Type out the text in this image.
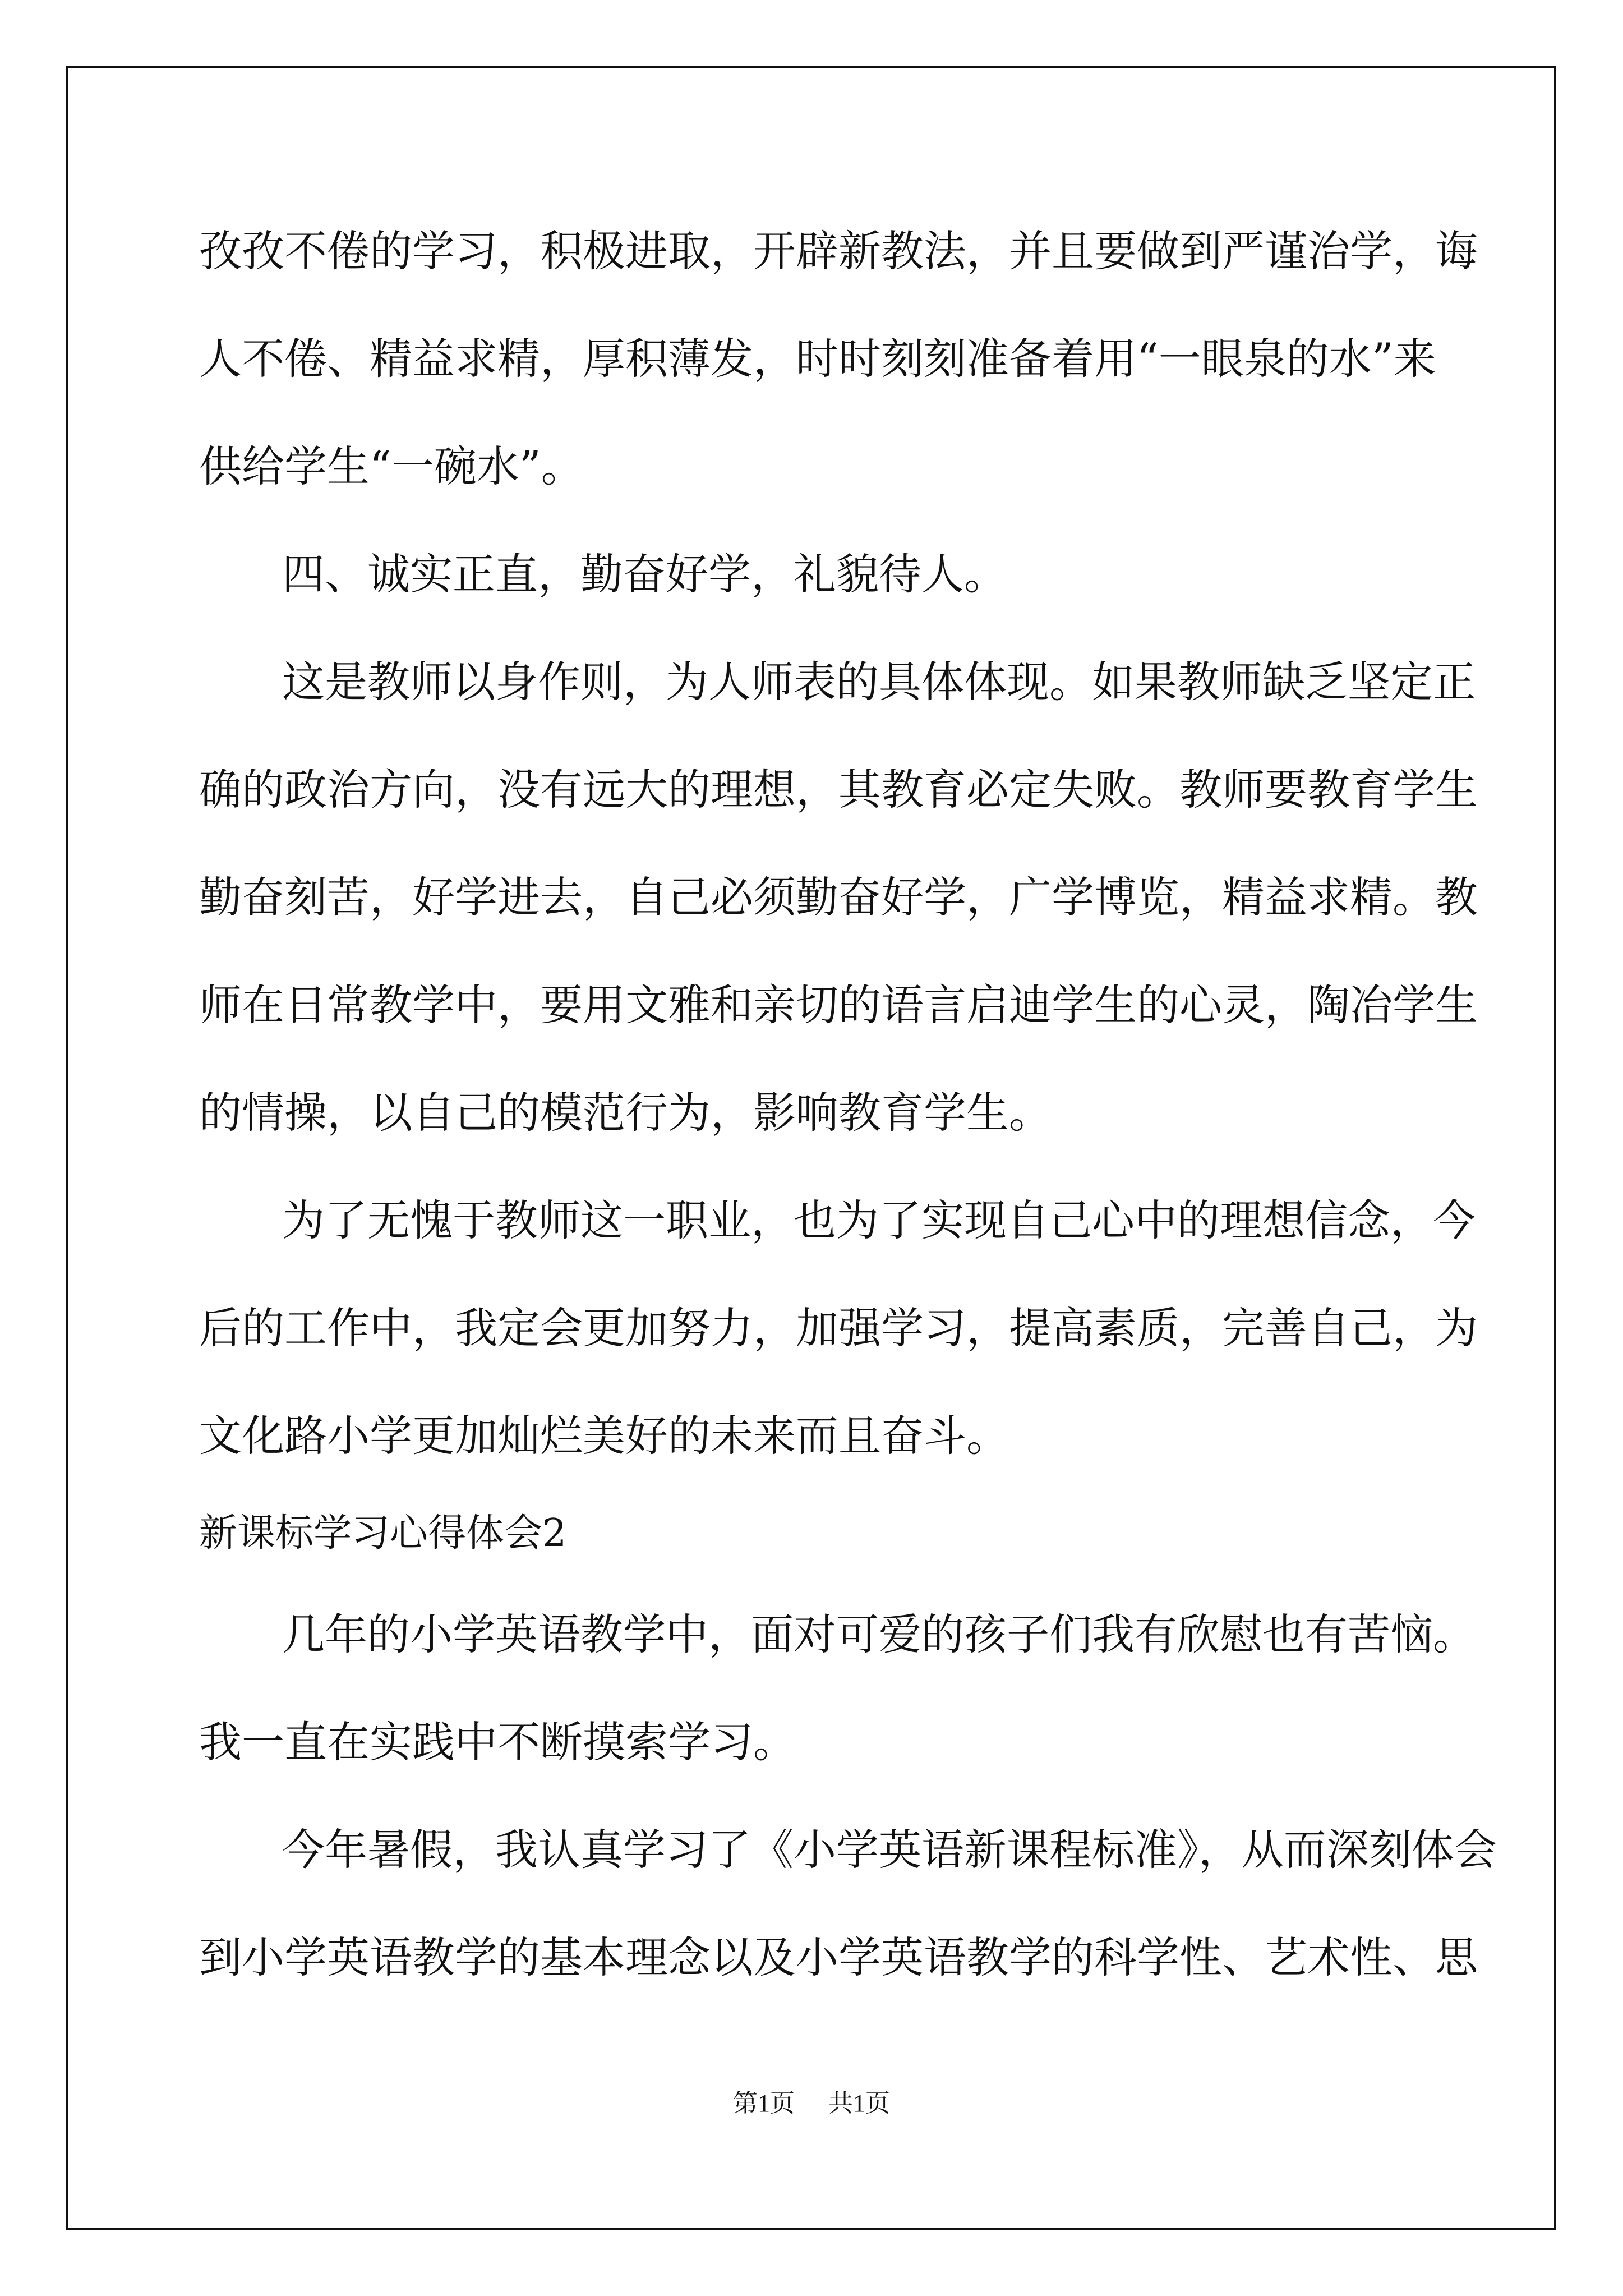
孜孜不倦的学习，积极进取，开辟新教法，并且要做到严谨治学，诲
人不倦、精益求精，厚积薄发，时时刻刻准备着用“一眼泉的水”来
供给学生“一碗水”。
四、诚实正直，勤奋好学，礼貌待人。
这是教师以身作则，为人师表的具体体现。如果教师缺乏坚定正
确的政治方向，没有远大的理想，其教育必定失败。教师要教育学生
勤奋刻苦，好学进去，自己必须勤奋好学，广学博览，精益求精。教
师在日常教学中，要用文雅和亲切的语言启迪学生的心灵，陶冶学生
的情操，以自己的模范行为，影响教育学生。
为了无愧于教师这一职业，也为了实现自己心中的理想信念，今
后的工作中，我定会更加努力，加强学习，提高素质，完善自己，为
文化路小学更加灿烂美好的未来而且奋斗。
新课标学习心得体会2
几年的小学英语教学中，面对可爱的孩子们我有欣慰也有苦恼。
我一直在实践中不断摸索学习。
今年暑假，我认真学习了《小学英语新课程标准》，从而深刻体会
到小学英语教学的基本理念以及小学英语教学的科学性、艺术性、思
第1页 共1页
